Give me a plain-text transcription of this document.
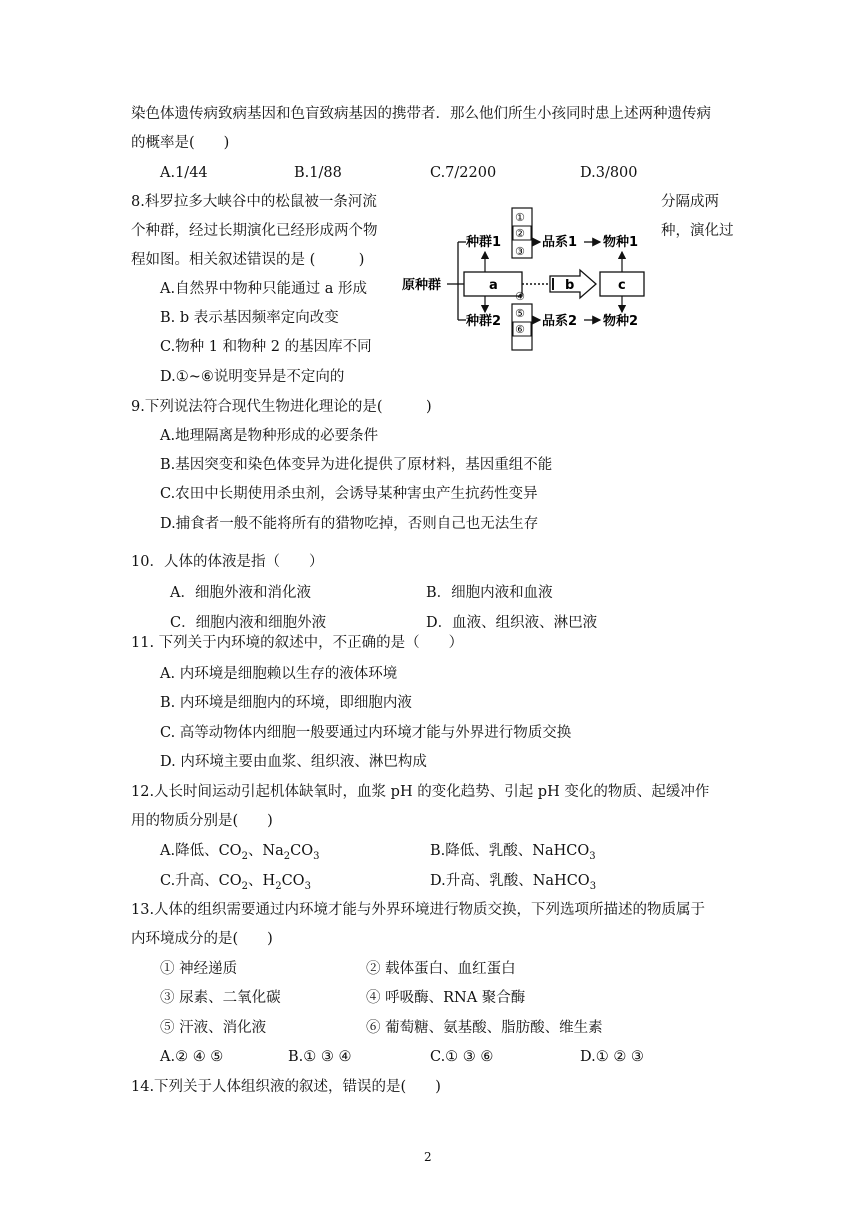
染色体遗传病致病基因和色盲致病基因的携带者．那么他们所生小孩同时患上述两种遗传病
的概率是(　　)
A.1/44	B.1/88	C.7/2200	D.3/800
8.科罗拉多大峡谷中的松鼠被一条河流	分隔成两
个种群，经过长期演化已经形成两个物	种，演化过
程如图。相关叙述错误的是 (　　　)
A.自然界中物种只能通过 a 形成
B. b 表示基因频率定向改变
C.物种 1 和物种 2 的基因库不同
D.①~⑥说明变异是不定向的
原种群
种群1
种群2
a
①
②
③
④
⑤
⑥
品系1
品系2
物种1
物种2
b	c
9.下列说法符合现代生物进化理论的是(　　　)
A.地理隔离是物种形成的必要条件
B.基因突变和染色体变异为进化提供了原材料，基因重组不能
C.农田中长期使用杀虫剂，会诱导某种害虫产生抗药性变异
D.捕食者一般不能将所有的猎物吃掉，否则自己也无法生存
10．人体的体液是指（　　）
A．细胞外液和消化液	B．细胞内液和血液
C．细胞内液和细胞外液	D．血液、组织液、淋巴液
11. 下列关于内环境的叙述中，不正确的是（　　）
A. 内环境是细胞赖以生存的液体环境
B. 内环境是细胞内的环境，即细胞内液
C. 高等动物体内细胞一般要通过内环境才能与外界进行物质交换
D. 内环境主要由血浆、组织液、淋巴构成
12.人长时间运动引起机体缺氧时，血浆 pH 的变化趋势、引起 pH 变化的物质、起缓冲作
用的物质分别是(　　)
A.降低、$CO_2$、$Na_2CO_3$	B.降低、乳酸、NaHCO$_3$
C.升高、$CO_2$、$H_2CO_3$	D.升高、乳酸、NaHCO$_3$
13.人体的组织需要通过内环境才能与外界环境进行物质交换，下列选项所描述的物质属于
内环境成分的是(　　)
① 神经递质	② 载体蛋白、血红蛋白
③ 尿素、二氧化碳	④ 呼吸酶、RNA 聚合酶
⑤ 汗液、消化液	⑥ 葡萄糖、氨基酸、脂肪酸、维生素
A.② ④ ⑤	B.① ③ ④	C.① ③ ⑥	D.① ② ③
14.下列关于人体组织液的叙述，错误的是(　　)
2
